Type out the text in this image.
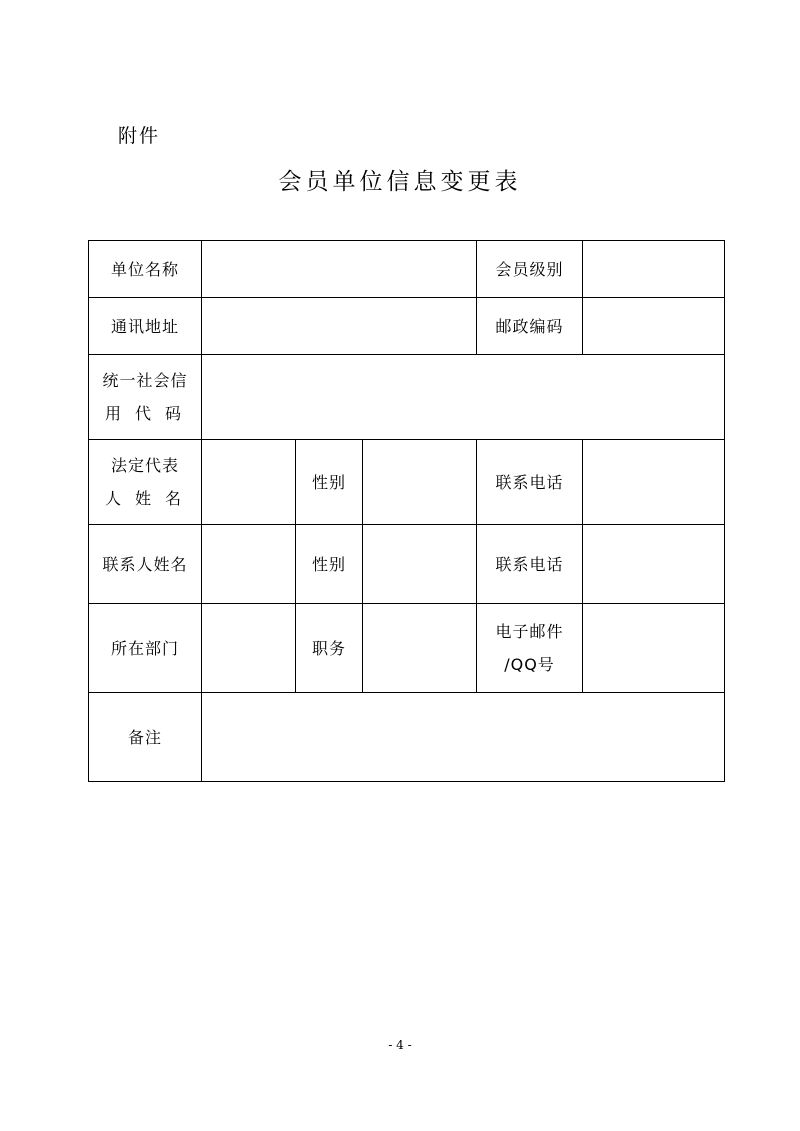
附件
会员单位信息变更表
单位名称				会员级别	
通讯地址				邮政编码	

统一社会信
用代码					

法定代表
人姓名		性别		联系电话	
联系人姓名		性别		联系电话	
所在部门		职务		电子邮件
/QQ号	

备注					
- 4 -
